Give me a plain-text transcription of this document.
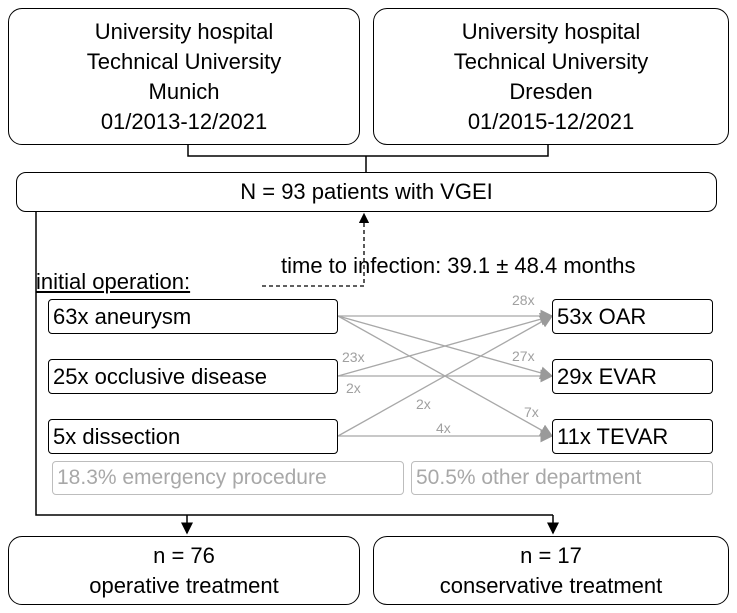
University hospital
Technical University
Munich
01/2013-12/2021
University hospital
Technical University
Dresden
01/2015-12/2021
N = 93 patients with VGEI
time to infection: 39.1 ± 48.4 months
initial operation:
63x aneurysm
25x occlusive disease
5x dissection
53x OAR
29x EVAR
11x TEVAR
28x
27x
7x
23x
2x
2x
4x
18.3% emergency procedure	50.5% other department
n = 76
operative treatment
n = 17
conservative treatment
